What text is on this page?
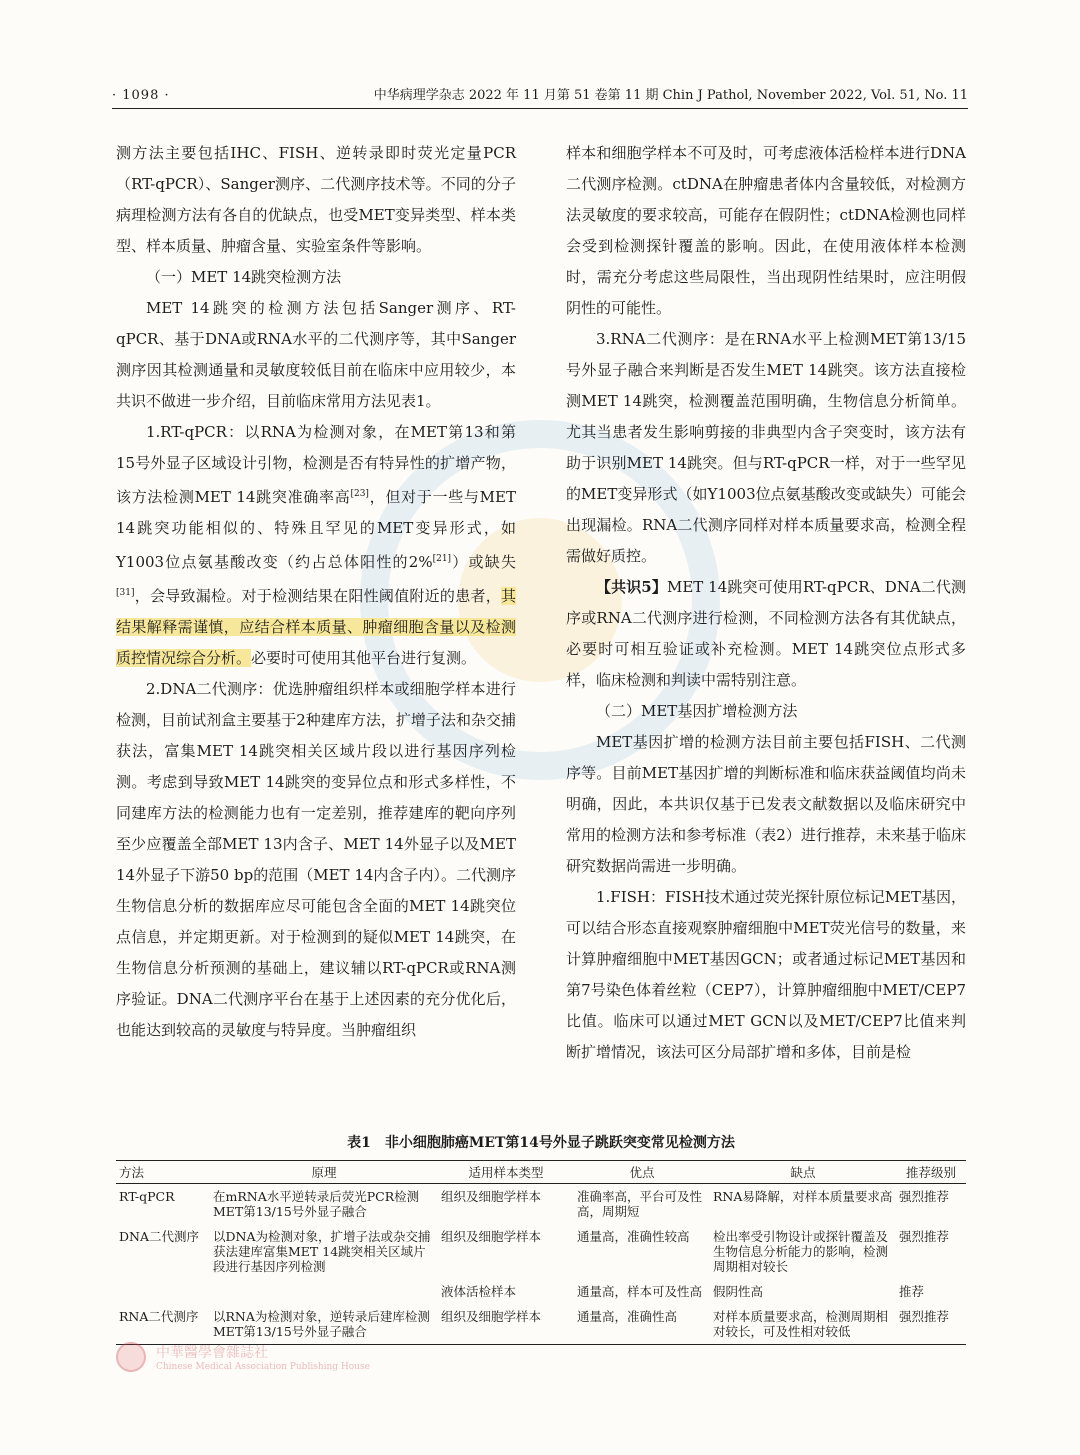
· 1098 ·	中华病理学杂志 2022 年 11 月第 51 卷第 11 期 Chin J Pathol, November 2022, Vol. 51, No. 11

测方法主要包括IHC、FISH、逆转录即时荧光定量PCR（RT-qPCR）、Sanger测序、二代测序技术等。不同的分子病理检测方法有各自的优缺点，也受MET变异类型、样本类型、样本质量、肿瘤含量、实验室条件等影响。

（一）MET 14跳突检测方法

MET 14跳突的检测方法包括Sanger测序、RT-qPCR、基于DNA或RNA水平的二代测序等，其中Sanger测序因其检测通量和灵敏度较低目前在临床中应用较少，本共识不做进一步介绍，目前临床常用方法见表1。

1.RT-qPCR：以RNA为检测对象，在MET第13和第15号外显子区域设计引物，检测是否有特异性的扩增产物，该方法检测MET 14跳突准确率高[23]，但对于一些与MET 14跳突功能相似的、特殊且罕见的MET变异形式，如Y1003位点氨基酸改变（约占总体阳性的2%[21]）或缺失[31]，会导致漏检。对于检测结果在阳性阈值附近的患者，其结果解释需谨慎，应结合样本质量、肿瘤细胞含量以及检测质控情况综合分析。必要时可使用其他平台进行复测。

2.DNA二代测序：优选肿瘤组织样本或细胞学样本进行检测，目前试剂盒主要基于2种建库方法，扩增子法和杂交捕获法，富集MET 14跳突相关区域片段以进行基因序列检测。考虑到导致MET 14跳突的变异位点和形式多样性，不同建库方法的检测能力也有一定差别，推荐建库的靶向序列至少应覆盖全部MET 13内含子、MET 14外显子以及MET 14外显子下游50 bp的范围（MET 14内含子内）。二代测序生物信息分析的数据库应尽可能包含全面的MET 14跳突位点信息，并定期更新。对于检测到的疑似MET 14跳突，在生物信息分析预测的基础上，建议辅以RT-qPCR或RNA测序验证。DNA二代测序平台在基于上述因素的充分优化后，也能达到较高的灵敏度与特异度。当肿瘤组织

样本和细胞学样本不可及时，可考虑液体活检样本进行DNA二代测序检测。ctDNA在肿瘤患者体内含量较低，对检测方法灵敏度的要求较高，可能存在假阴性；ctDNA检测也同样会受到检测探针覆盖的影响。因此，在使用液体样本检测时，需充分考虑这些局限性，当出现阴性结果时，应注明假阴性的可能性。

3.RNA二代测序：是在RNA水平上检测MET第13/15号外显子融合来判断是否发生MET 14跳突。该方法直接检测MET 14跳突，检测覆盖范围明确，生物信息分析简单。尤其当患者发生影响剪接的非典型内含子突变时，该方法有助于识别MET 14跳突。但与RT-qPCR一样，对于一些罕见的MET变异形式（如Y1003位点氨基酸改变或缺失）可能会出现漏检。RNA二代测序同样对样本质量要求高，检测全程需做好质控。

【共识5】MET 14跳突可使用RT-qPCR、DNA二代测序或RNA二代测序进行检测，不同检测方法各有其优缺点，必要时可相互验证或补充检测。MET 14跳突位点形式多样，临床检测和判读中需特别注意。

（二）MET基因扩增检测方法

MET基因扩增的检测方法目前主要包括FISH、二代测序等。目前MET基因扩增的判断标准和临床获益阈值均尚未明确，因此，本共识仅基于已发表文献数据以及临床研究中常用的检测方法和参考标准（表2）进行推荐，未来基于临床研究数据尚需进一步明确。

1.FISH：FISH技术通过荧光探针原位标记MET基因，可以结合形态直接观察肿瘤细胞中MET荧光信号的数量，来计算肿瘤细胞中MET基因GCN；或者通过标记MET基因和第7号染色体着丝粒（CEP7），计算肿瘤细胞中MET/CEP7比值。临床可以通过MET GCN以及MET/CEP7比值来判断扩增情况，该法可区分局部扩增和多体，目前是检

表1　非小细胞肺癌MET第14号外显子跳跃突变常见检测方法
方法	原理	适用样本类型	优点	缺点	推荐级别
RT-qPCR	在mRNA水平逆转录后荧光PCR检测MET第13/15号外显子融合	组织及细胞学样本	准确率高，平台可及性高，周期短	RNA易降解，对样本质量要求高	强烈推荐
DNA二代测序	以DNA为检测对象，扩增子法或杂交捕获法建库富集MET 14跳突相关区域片段进行基因序列检测	组织及细胞学样本	通量高，准确性较高	检出率受引物设计或探针覆盖及生物信息分析能力的影响，检测周期相对较长	强烈推荐
		液体活检样本	通量高，样本可及性高	假阴性高	推荐
RNA二代测序	以RNA为检测对象，逆转录后建库检测MET第13/15号外显子融合	组织及细胞学样本	通量高，准确性高	对样本质量要求高，检测周期相对较长，可及性相对较低	强烈推荐
中華醫學會雜誌社
Chinese Medical Association Publishing House
